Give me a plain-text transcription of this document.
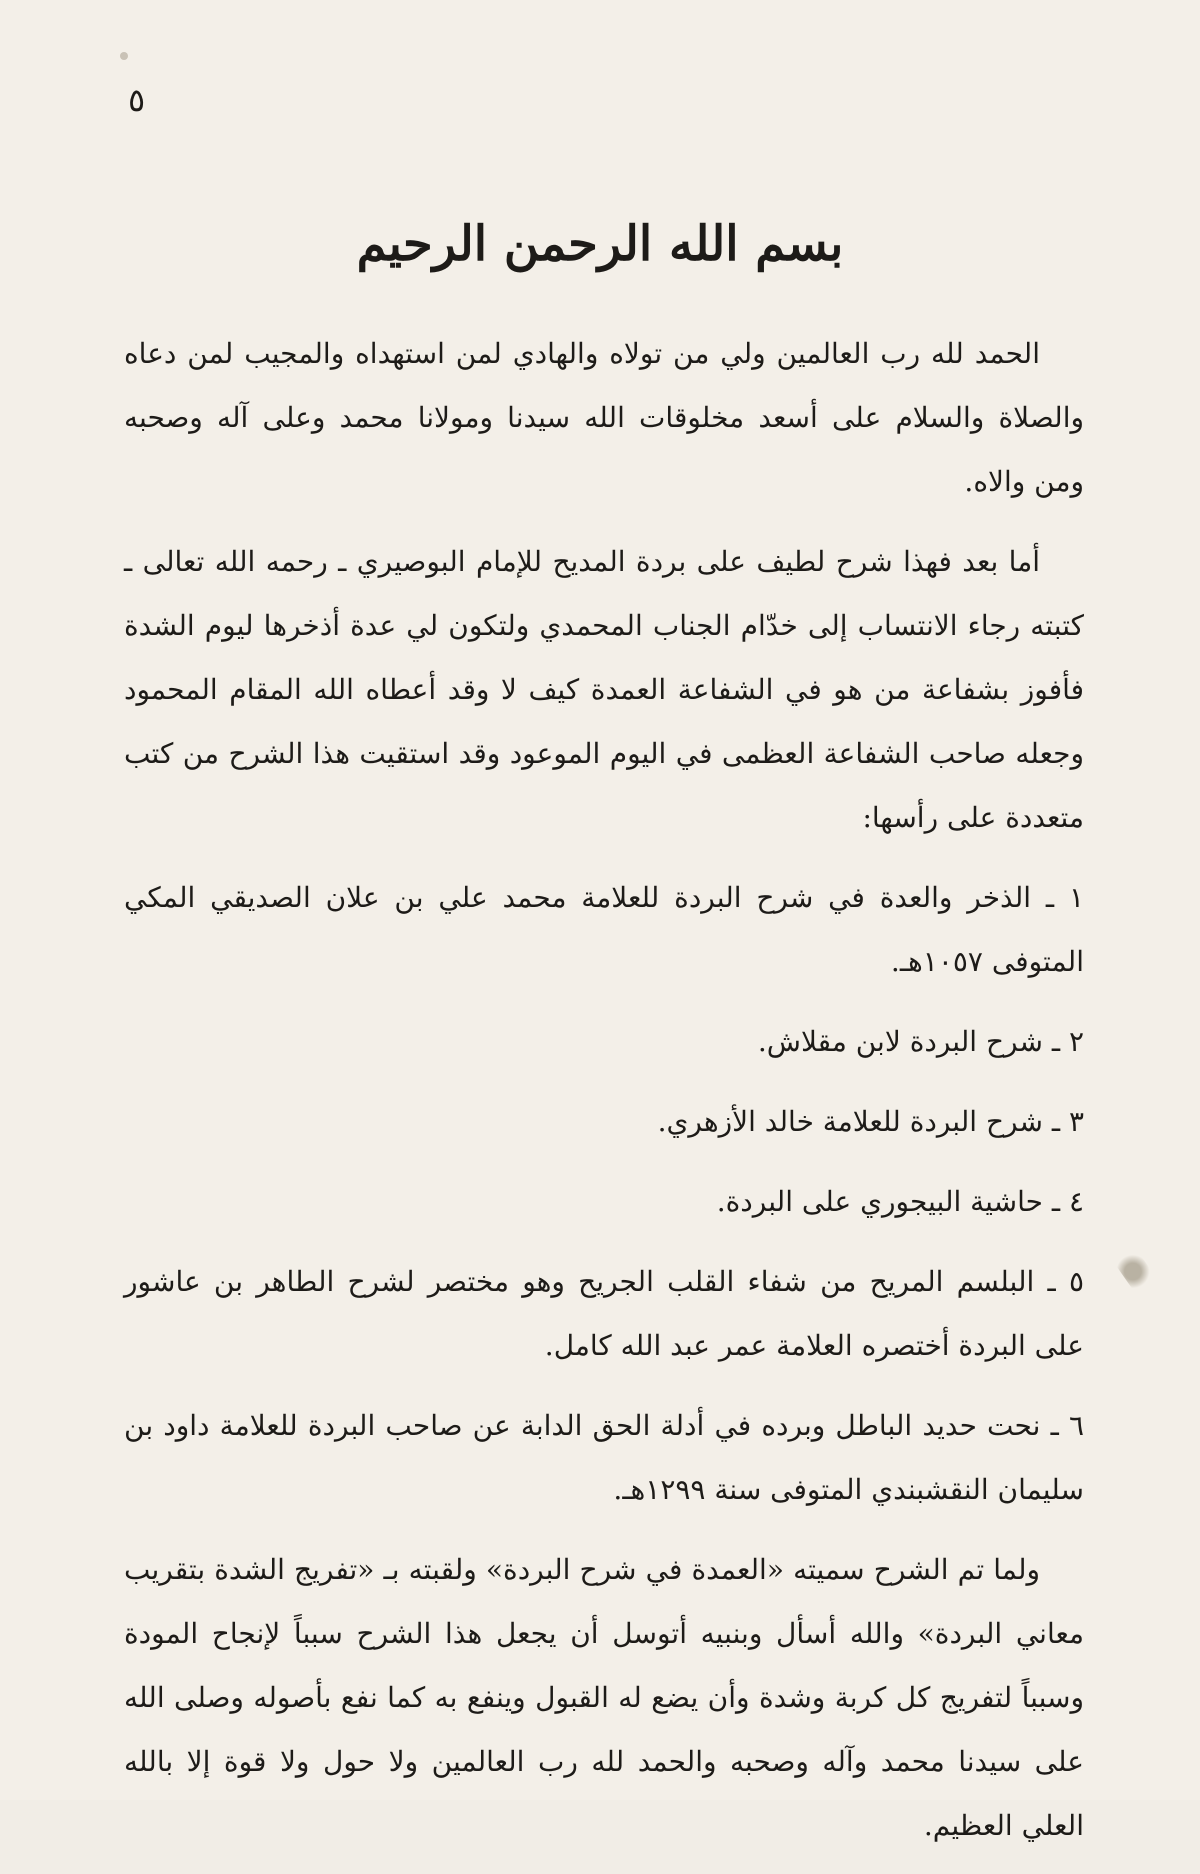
٥
بسم الله الرحمن الرحيم

الحمد لله رب العالمين ولي من تولاه والهادي لمن استهداه والمجيب لمن دعاه والصلاة والسلام على أسعد مخلوقات الله سيدنا ومولانا محمد وعلى آله وصحبه ومن والاه.

أما بعد فهذا شرح لطيف على بردة المديح للإمام البوصيري ـ رحمه الله تعالى ـ كتبته رجاء الانتساب إلى خدّام الجناب المحمدي ولتكون لي عدة أذخرها ليوم الشدة فأفوز بشفاعة من هو في الشفاعة العمدة كيف لا وقد أعطاه الله المقام المحمود وجعله صاحب الشفاعة العظمى في اليوم الموعود وقد استقيت هذا الشرح من كتب متعددة على رأسها:

١ ـ الذخر والعدة في شرح البردة للعلامة محمد علي بن علان الصديقي المكي المتوفى ١٠٥٧هـ.

٢ ـ شرح البردة لابن مقلاش.

٣ ـ شرح البردة للعلامة خالد الأزهري.

٤ ـ حاشية البيجوري على البردة.

٥ ـ البلسم المريح من شفاء القلب الجريح وهو مختصر لشرح الطاهر بن عاشور على البردة أختصره العلامة عمر عبد الله كامل.

٦ ـ نحت حديد الباطل وبرده في أدلة الحق الدابة عن صاحب البردة للعلامة داود بن سليمان النقشبندي المتوفى سنة ١٢٩٩هـ.

ولما تم الشرح سميته «العمدة في شرح البردة» ولقبته بـ «تفريج الشدة بتقريب معاني البردة» والله أسأل وبنبيه أتوسل أن يجعل هذا الشرح سبباً لإنجاح المودة وسبباً لتفريج كل كربة وشدة وأن يضع له القبول وينفع به كما نفع بأصوله وصلى الله على سيدنا محمد وآله وصحبه والحمد لله رب العالمين ولا حول ولا قوة إلا بالله العلي العظيم.
